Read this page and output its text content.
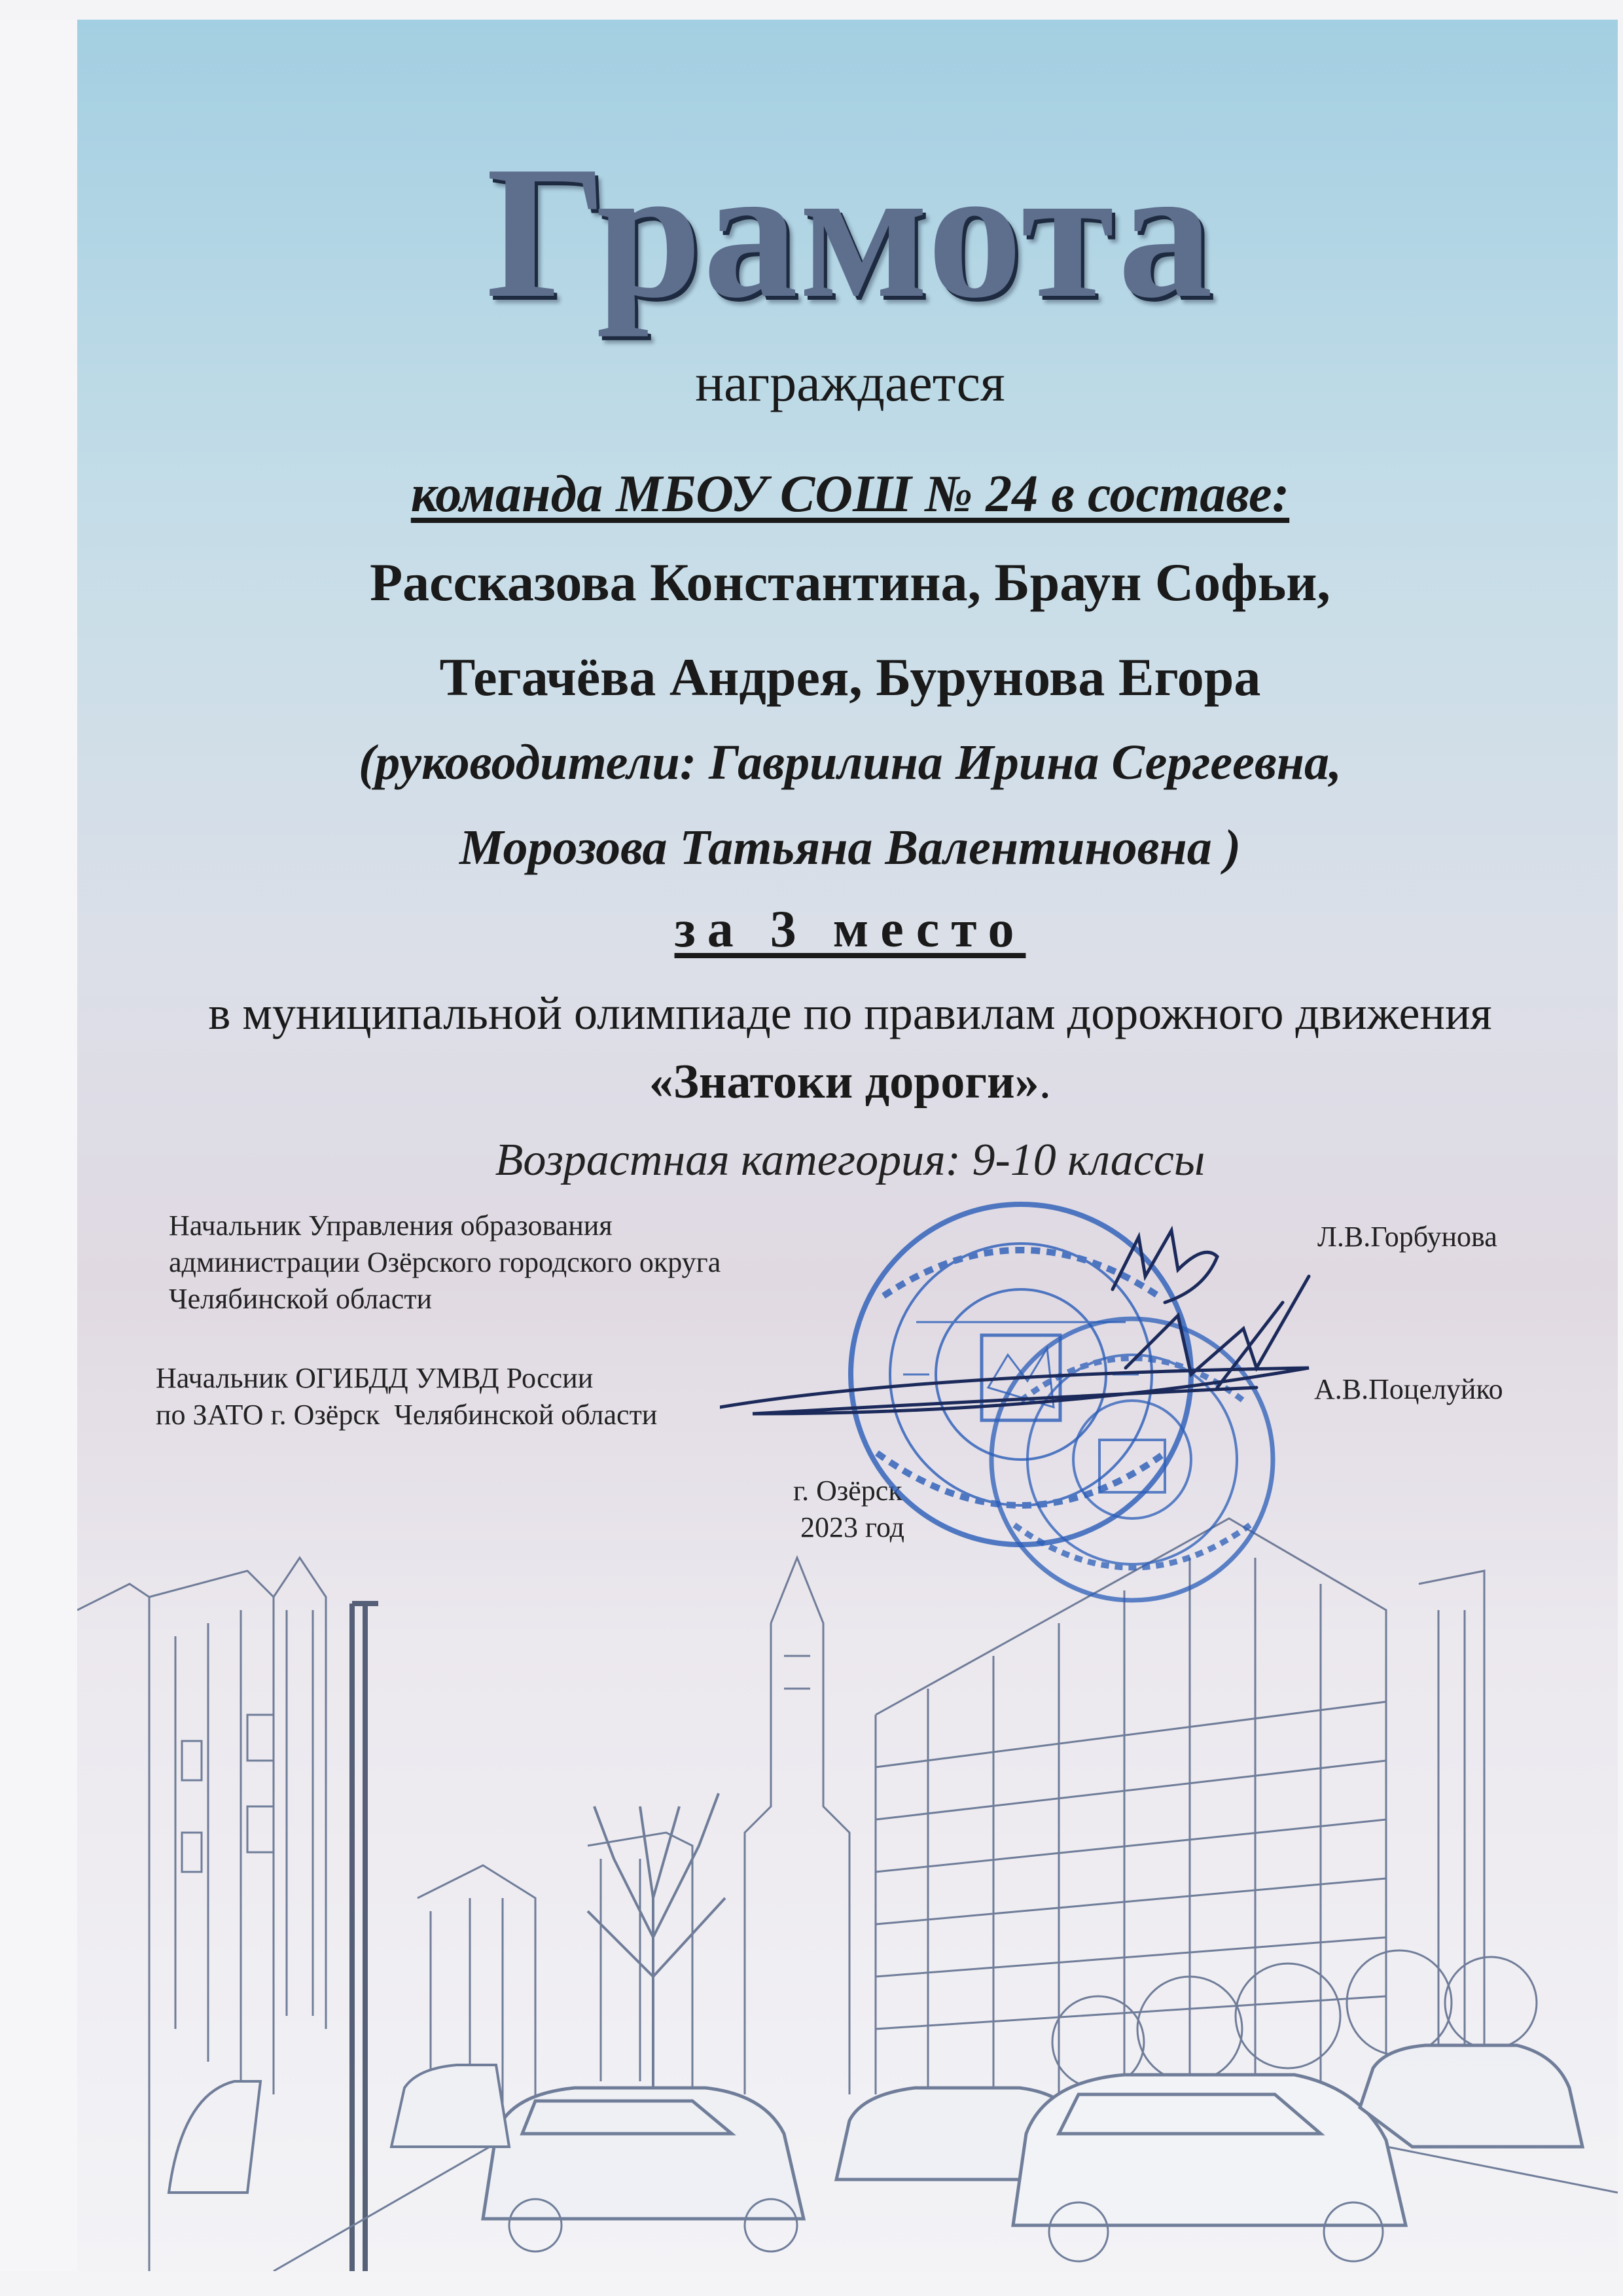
Грамота

награждается

команда МБОУ СОШ № 24 в составе:

Рассказова Константина, Браун Софьи,

Тегачёва Андрея, Бурунова Егора

(руководители: Гаврилина Ирина Сергеевна,

Морозова Татьяна Валентиновна )

за 3 место

в муниципальной олимпиаде по правилам дорожного движения

«Знатоки дороги».

Возрастная категория: 9-10 классы

Начальник Управления образования
администрации Озёрского городского округа
Челябинской области

Л.В.Горбунова

Начальник ОГИБДД УМВД России
по ЗАТО г. Озёрск  Челябинской области

А.В.Поцелуйко

г. Озёрск
2023 год
